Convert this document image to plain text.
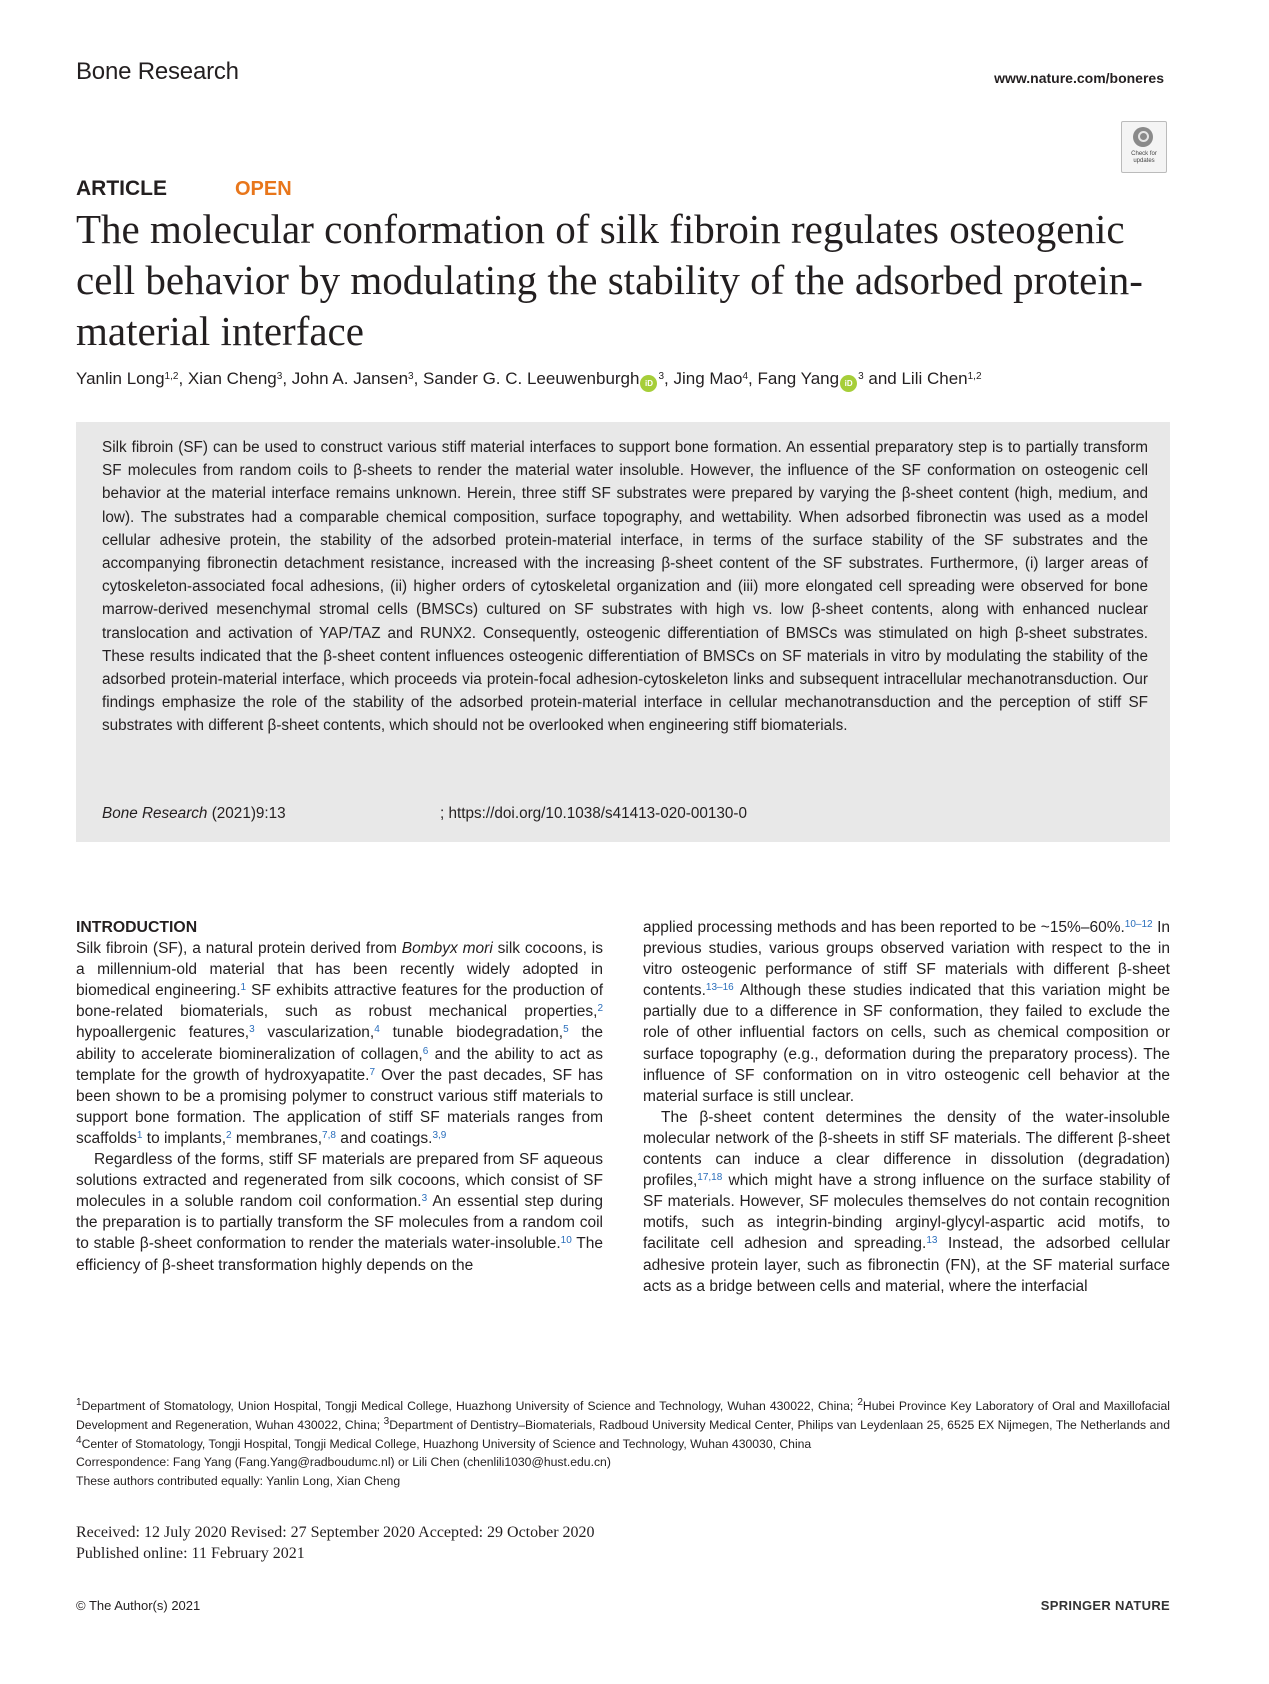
Bone Research	www.nature.com/boneres
Check for updates
ARTICLE	OPEN
The molecular conformation of silk fibroin regulates osteogenic cell behavior by modulating the stability of the adsorbed protein-material interface
Yanlin Long$^{1,2}$, Xian Cheng$^3$, John A. Jansen$^3$, Sander G. C. Leeuwenburgh $iD^3$, Jing Mao$^4$, Fang Yang $iD^3$ and Lili Chen$^{1,2}$

Silk fibroin (SF) can be used to construct various stiff material interfaces to support bone formation. An essential preparatory step is to partially transform SF molecules from random coils to β-sheets to render the material water insoluble. However, the influence of the SF conformation on osteogenic cell behavior at the material interface remains unknown. Herein, three stiff SF substrates were prepared by varying the β-sheet content (high, medium, and low). The substrates had a comparable chemical composition, surface topography, and wettability. When adsorbed fibronectin was used as a model cellular adhesive protein, the stability of the adsorbed protein-material interface, in terms of the surface stability of the SF substrates and the accompanying fibronectin detachment resistance, increased with the increasing β-sheet content of the SF substrates. Furthermore, (i) larger areas of cytoskeleton-associated focal adhesions, (ii) higher orders of cytoskeletal organization and (iii) more elongated cell spreading were observed for bone marrow-derived mesenchymal stromal cells (BMSCs) cultured on SF substrates with high vs. low β-sheet contents, along with enhanced nuclear translocation and activation of YAP/TAZ and RUNX2. Consequently, osteogenic differentiation of BMSCs was stimulated on high β-sheet substrates. These results indicated that the β-sheet content influences osteogenic differentiation of BMSCs on SF materials in vitro by modulating the stability of the adsorbed protein-material interface, which proceeds via protein-focal adhesion-cytoskeleton links and subsequent intracellular mechanotransduction. Our findings emphasize the role of the stability of the adsorbed protein-material interface in cellular mechanotransduction and the perception of stiff SF substrates with different β-sheet contents, which should not be overlooked when engineering stiff biomaterials.

Bone Research (2021)9:13	; https://doi.org/10.1038/s41413-020-00130-0
INTRODUCTION

Silk fibroin (SF), a natural protein derived from Bombyx mori silk cocoons, is a millennium-old material that has been recently widely adopted in biomedical engineering.$^1$ SF exhibits attractive features for the production of bone-related biomaterials, such as robust mechanical properties,$^2$ hypoallergenic features,$^3$ vascularization,$^4$ tunable biodegradation,$^5$ the ability to accelerate biomineralization of collagen,$^6$ and the ability to act as template for the growth of hydroxyapatite.$^7$ Over the past decades, SF has been shown to be a promising polymer to construct various stiff materials to support bone formation. The application of stiff SF materials ranges from scaffolds$^1$ to implants,$^2$ membranes,$^{7,8}$ and coatings.$^{3,9}$

Regardless of the forms, stiff SF materials are prepared from SF aqueous solutions extracted and regenerated from silk cocoons, which consist of SF molecules in a soluble random coil conformation.$^3$ An essential step during the preparation is to partially transform the SF molecules from a random coil to stable β-sheet conformation to render the materials water-insoluble.$^{10}$ The efficiency of β-sheet transformation highly depends on the

applied processing methods and has been reported to be ~15%–60%.$^{10-12}$ In previous studies, various groups observed variation with respect to the in vitro osteogenic performance of stiff SF materials with different β-sheet contents.$^{13-16}$ Although these studies indicated that this variation might be partially due to a difference in SF conformation, they failed to exclude the role of other influential factors on cells, such as chemical composition or surface topography (e.g., deformation during the preparatory process). The influence of SF conformation on in vitro osteogenic cell behavior at the material surface is still unclear.

The β-sheet content determines the density of the water-insoluble molecular network of the β-sheets in stiff SF materials. The different β-sheet contents can induce a clear difference in dissolution (degradation) profiles,$^{17,18}$ which might have a strong influence on the surface stability of SF materials. However, SF molecules themselves do not contain recognition motifs, such as integrin-binding arginyl-glycyl-aspartic acid motifs, to facilitate cell adhesion and spreading.$^{13}$ Instead, the adsorbed cellular adhesive protein layer, such as fibronectin (FN), at the SF material surface acts as a bridge between cells and material, where the interfacial

$^1$Department of Stomatology, Union Hospital, Tongji Medical College, Huazhong University of Science and Technology, Wuhan 430022, China; $^2$Hubei Province Key Laboratory of Oral and Maxillofacial Development and Regeneration, Wuhan 430022, China; $^3$Department of Dentistry–Biomaterials, Radboud University Medical Center, Philips van Leydenlaan 25, 6525 EX Nijmegen, The Netherlands and $^4$Center of Stomatology, Tongji Hospital, Tongji Medical College, Huazhong University of Science and Technology, Wuhan 430030, China

Correspondence: Fang Yang (Fang.Yang@radboudumc.nl) or Lili Chen (chenlili1030@hust.edu.cn)

These authors contributed equally: Yanlin Long, Xian Cheng

Received: 12 July 2020 Revised: 27 September 2020 Accepted: 29 October 2020
Published online: 11 February 2021
© The Author(s) 2021	SPRINGER NATURE
